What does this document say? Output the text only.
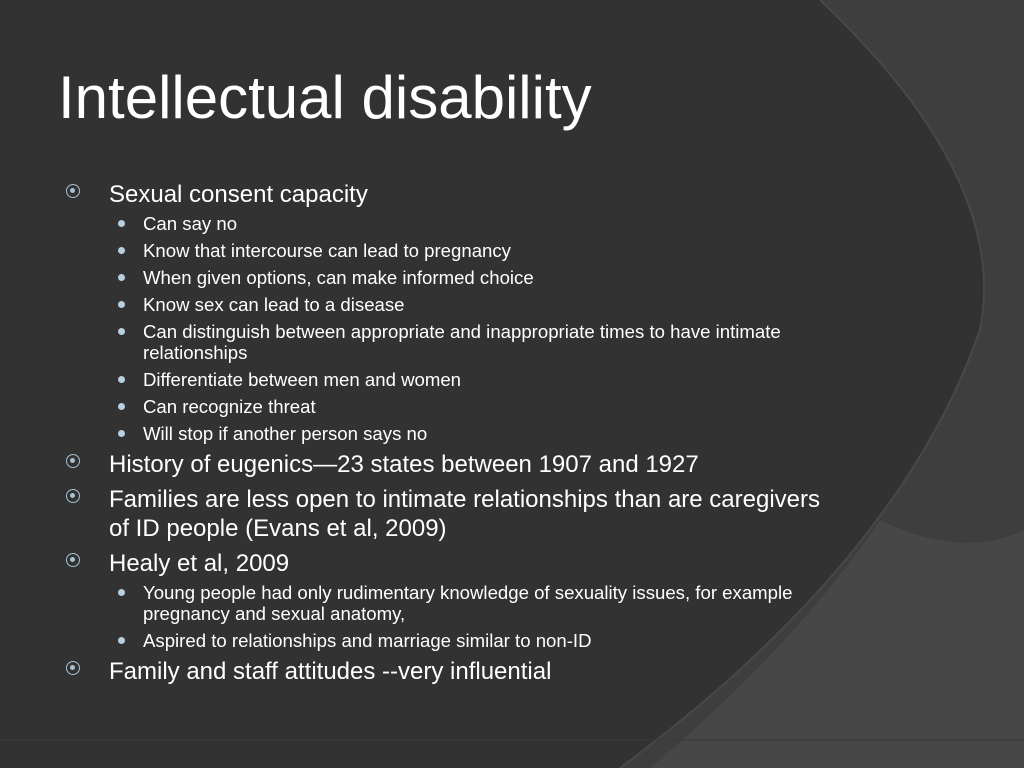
Intellectual disability
Sexual consent capacity
Can say no
Know that intercourse can lead to pregnancy
When given options, can make informed choice
Know sex can lead to a disease
Can distinguish between appropriate and inappropriate times to have intimate relationships
Differentiate between men and women
Can recognize threat
Will stop if another person says no
History of eugenics—23 states between 1907 and 1927
Families are less open to intimate relationships than are caregivers of ID people (Evans et al, 2009)
Healy et al, 2009
Young people had only rudimentary knowledge of sexuality issues, for example pregnancy and sexual anatomy,
Aspired to relationships and marriage similar to non-ID
Family and staff attitudes --very influential
